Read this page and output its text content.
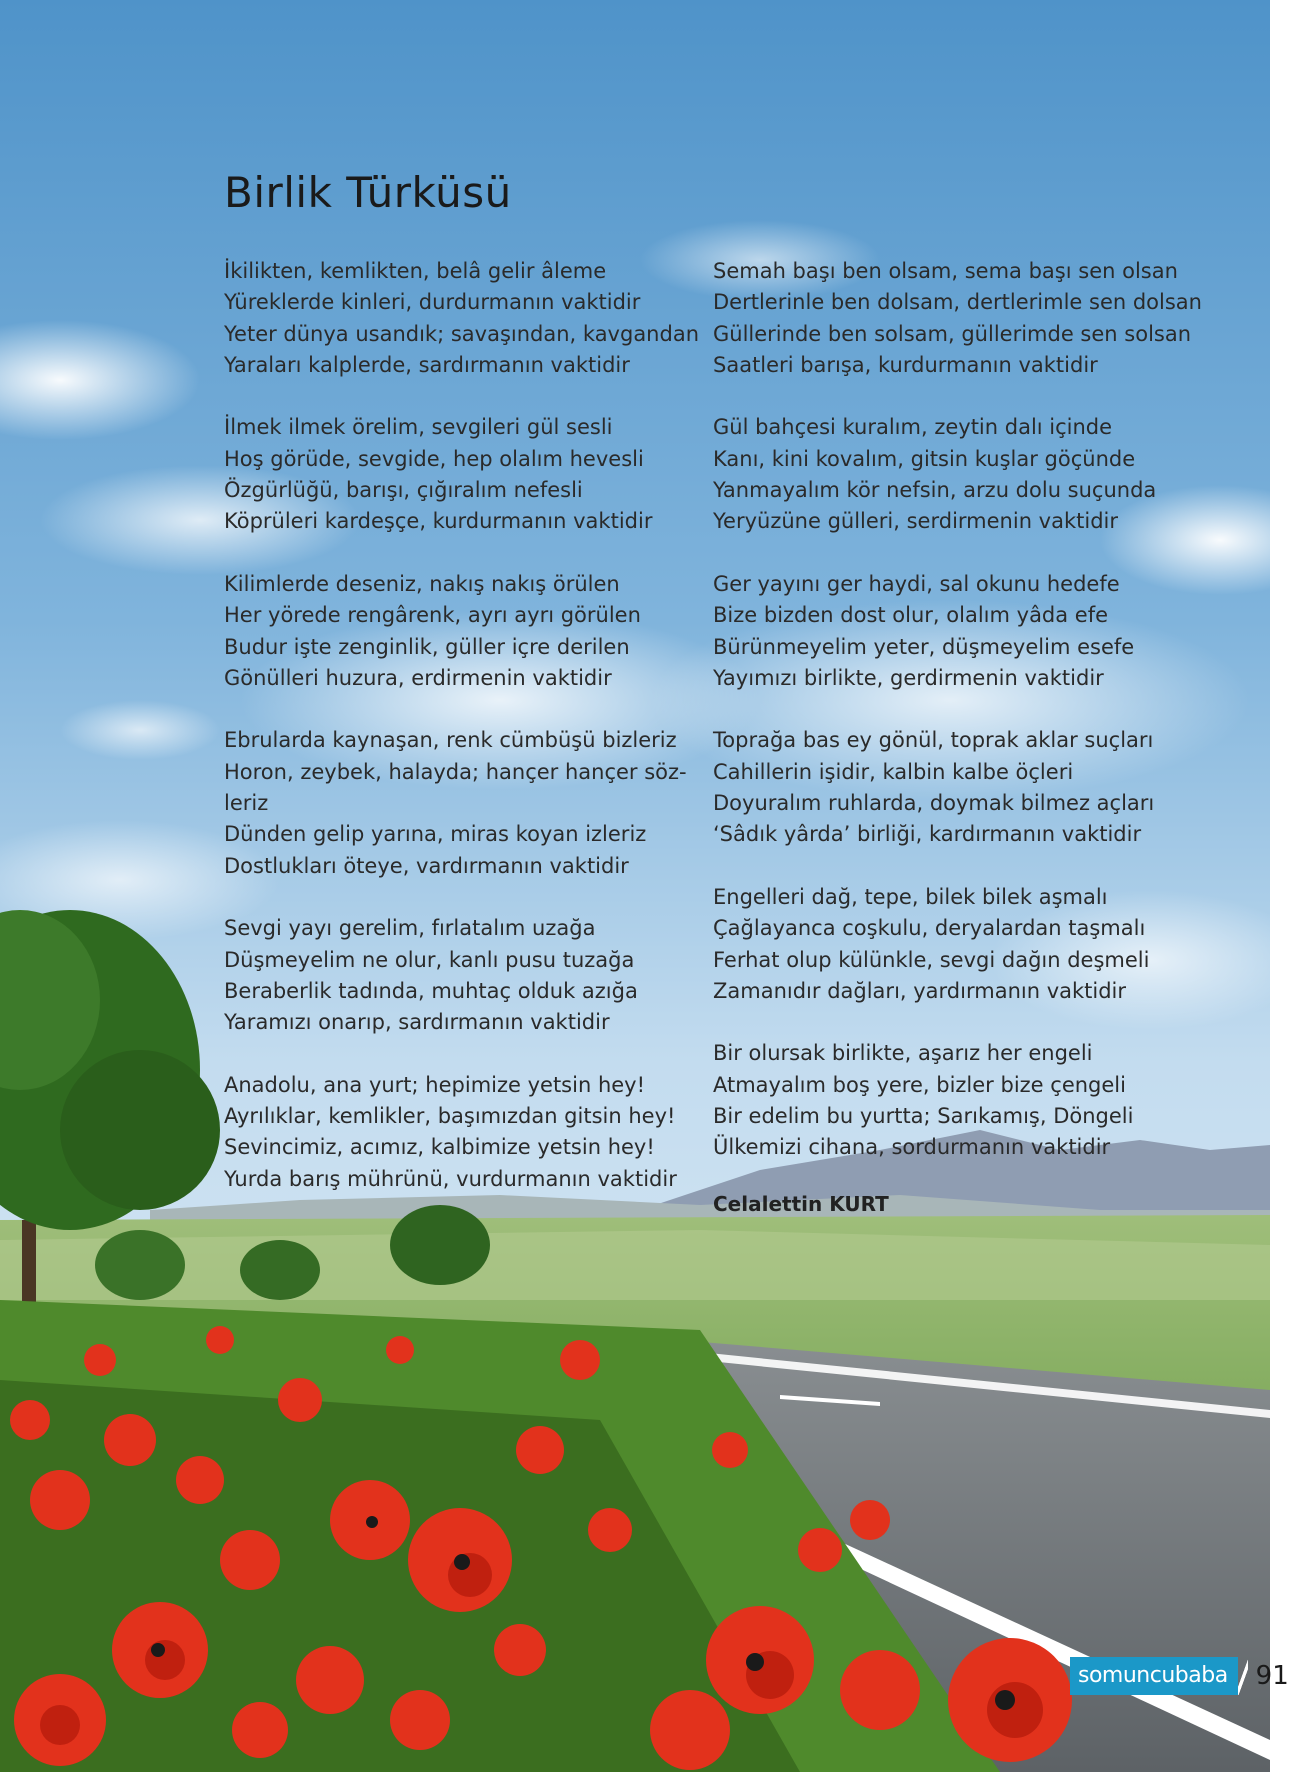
Birlik Türküsü
İkilikten, kemlikten, belâ gelir âleme
Yüreklerde kinleri, durdurmanın vaktidir
Yeter dünya usandık; savaşından, kavgandan
Yaraları kalplerde, sardırmanın vaktidir
İlmek ilmek örelim, sevgileri gül sesli
Hoş görüde, sevgide, hep olalım hevesli
Özgürlüğü, barışı, çığıralım nefesli
Köprüleri kardeşçe, kurdurmanın vaktidir
Kilimlerde deseniz, nakış nakış örülen
Her yörede rengârenk, ayrı ayrı görülen
Budur işte zenginlik, güller içre derilen
Gönülleri huzura, erdirmenin vaktidir
Ebrularda kaynaşan, renk cümbüşü bizleriz
Horon, zeybek, halayda; hançer hançer söz-
leriz
Dünden gelip yarına, miras koyan izleriz
Dostlukları öteye, vardırmanın vaktidir
Sevgi yayı gerelim, fırlatalım uzağa
Düşmeyelim ne olur, kanlı pusu tuzağa
Beraberlik tadında, muhtaç olduk azığa
Yaramızı onarıp, sardırmanın vaktidir
Anadolu, ana yurt; hepimize yetsin hey!
Ayrılıklar, kemlikler, başımızdan gitsin hey!
Sevincimiz, acımız, kalbimize yetsin hey!
Yurda barış mührünü, vurdurmanın vaktidir
Semah başı ben olsam, sema başı sen olsan
Dertlerinle ben dolsam, dertlerimle sen dolsan
Güllerinde ben solsam, güllerimde sen solsan
Saatleri barışa, kurdurmanın vaktidir
Gül bahçesi kuralım, zeytin dalı içinde
Kanı, kini kovalım, gitsin kuşlar göçünde
Yanmayalım kör nefsin, arzu dolu suçunda
Yeryüzüne gülleri, serdirmenin vaktidir
Ger yayını ger haydi, sal okunu hedefe
Bize bizden dost olur, olalım yâda efe
Bürünmeyelim yeter, düşmeyelim esefe
Yayımızı birlikte, gerdirmenin vaktidir
Toprağa bas ey gönül, toprak aklar suçları
Cahillerin işidir, kalbin kalbe öçleri
Doyuralım ruhlarda, doymak bilmez açları
‘Sâdık yârda’ birliği, kardırmanın vaktidir
Engelleri dağ, tepe, bilek bilek aşmalı
Çağlayanca coşkulu, deryalardan taşmalı
Ferhat olup külünkle, sevgi dağın deşmeli
Zamanıdır dağları, yardırmanın vaktidir
Bir olursak birlikte, aşarız her engeli
Atmayalım boş yere, bizler bize çengeli
Bir edelim bu yurtta; Sarıkamış, Döngeli
Ülkemizi cihana, sordurmanın vaktidir
Celalettin KURT
somuncubaba	91
